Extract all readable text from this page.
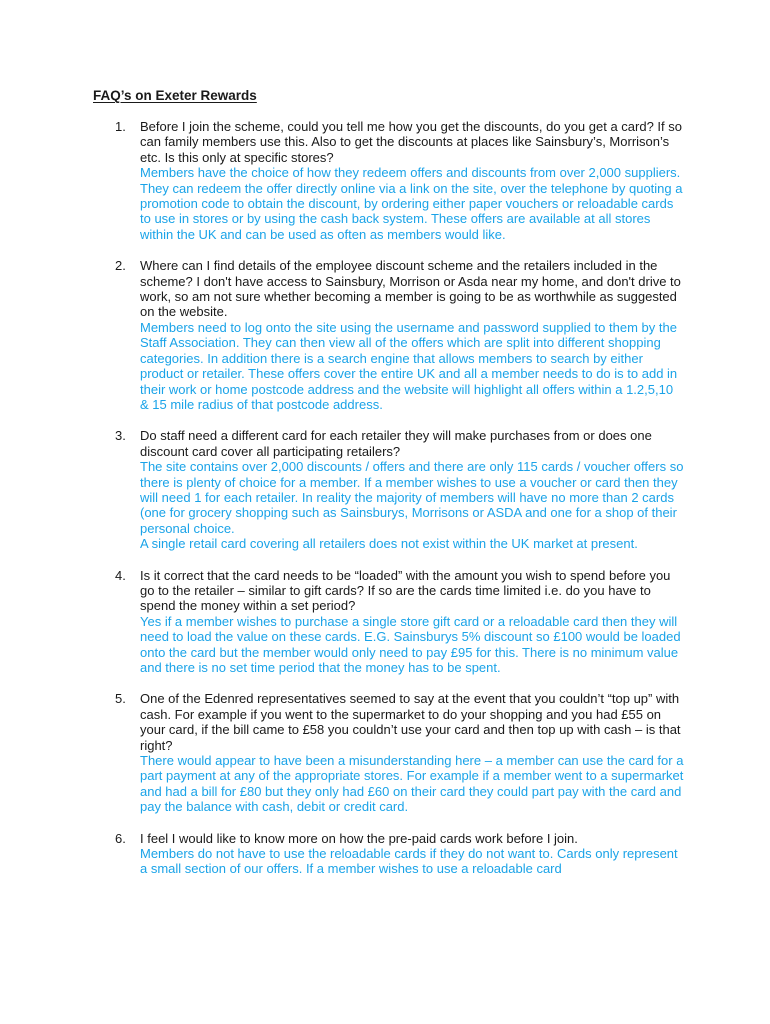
FAQ’s on Exeter Rewards
1. Before I join the scheme, could you tell me how you get the discounts, do you get a card? If so can family members use this. Also to get the discounts at places like Sainsbury’s, Morrison’s etc. Is this only at specific stores?
Members have the choice of how they redeem offers and discounts from over 2,000 suppliers. They can redeem the offer directly online via a link on the site, over the telephone by quoting a promotion code to obtain the discount, by ordering either paper vouchers or reloadable cards to use in stores or by using the cash back system. These offers are available at all stores within the UK and can be used as often as members would like.
2. Where can I find details of the employee discount scheme and the retailers included in the scheme? I don't have access to Sainsbury, Morrison or Asda near my home, and don't drive to work, so am not sure whether becoming a member is going to be as worthwhile as suggested on the website.
Members need to log onto the site using the username and password supplied to them by the Staff Association. They can then view all of the offers which are split into different shopping categories. In addition there is a search engine that allows members to search by either product or retailer. These offers cover the entire UK and all a member needs to do is to add in their work or home postcode address and the website will highlight all offers within a 1.2,5,10 & 15 mile radius of that postcode address.
3. Do staff need a different card for each retailer they will make purchases from or does one discount card cover all participating retailers?
The site contains over 2,000 discounts / offers and there are only 115 cards / voucher offers so there is plenty of choice for a member. If a member wishes to use a voucher or card then they will need 1 for each retailer. In reality the majority of members will have no more than 2 cards (one for grocery shopping such as Sainsburys, Morrisons or ASDA and one for a shop of their personal choice.
A single retail card covering all retailers does not exist within the UK market at present.
4. Is it correct that the card needs to be “loaded” with the amount you wish to spend before you go to the retailer – similar to gift cards? If so are the cards time limited i.e. do you have to spend the money within a set period?
Yes if a member wishes to purchase a single store gift card or a reloadable card then they will need to load the value on these cards. E.G. Sainsburys 5% discount so £100 would be loaded onto the card but the member would only need to pay £95 for this. There is no minimum value and there is no set time period that the money has to be spent.
5. One of the Edenred representatives seemed to say at the event that you couldn’t “top up” with cash. For example if you went to the supermarket to do your shopping and you had £55 on your card, if the bill came to £58 you couldn’t use your card and then top up with cash – is that right?
There would appear to have been a misunderstanding here – a member can use the card for a part payment at any of the appropriate stores. For example if a member went to a supermarket and had a bill for £80 but they only had £60 on their card they could part pay with the card and pay the balance with cash, debit or credit card.
6. I feel I would like to know more on how the pre-paid cards work before I join.
Members do not have to use the reloadable cards if they do not want to. Cards only represent a small section of our offers. If a member wishes to use a reloadable card
